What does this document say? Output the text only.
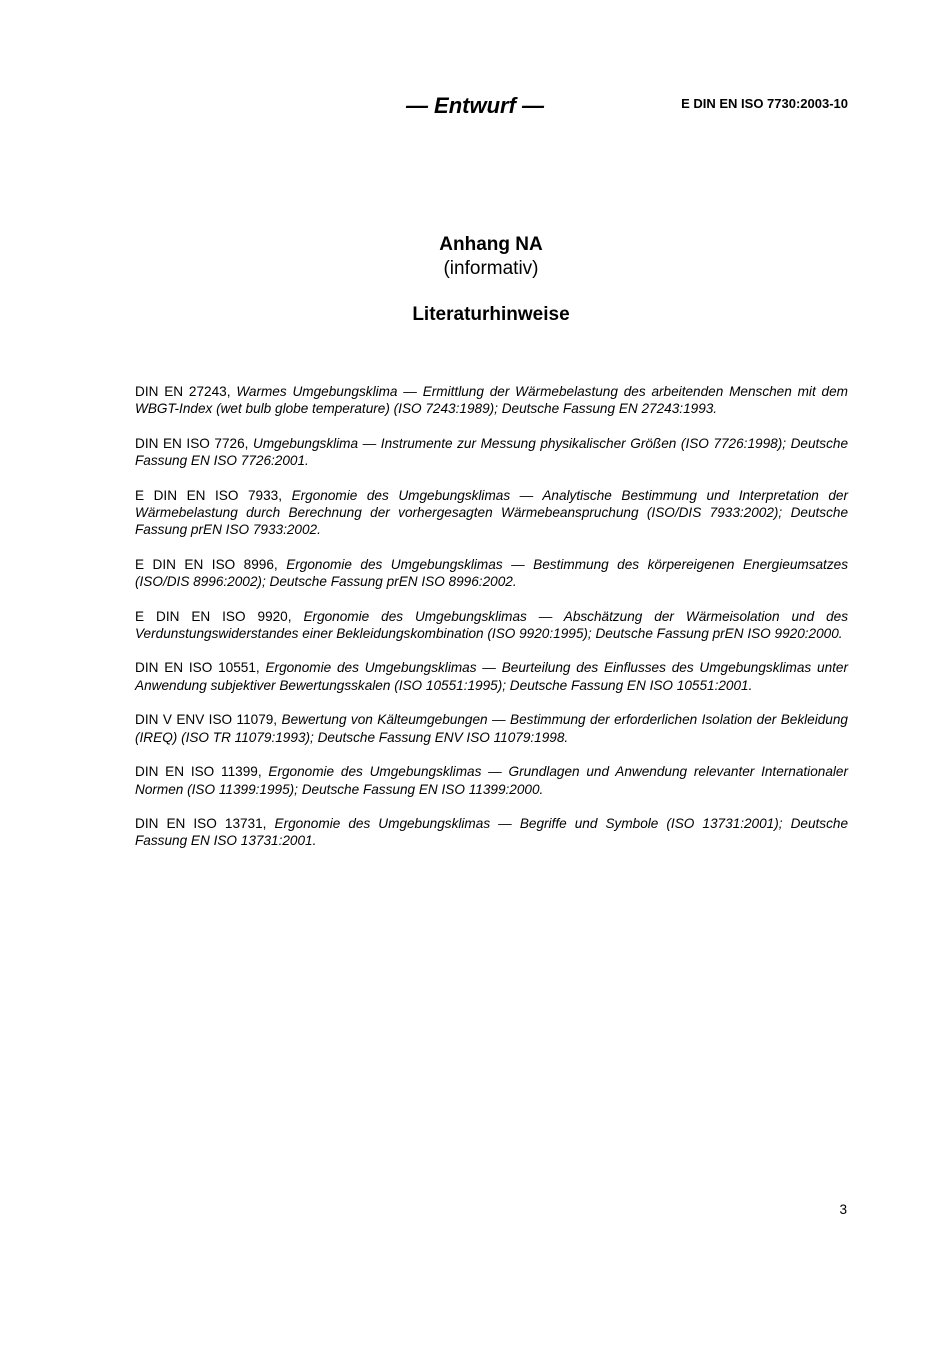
— Entwurf —	E DIN EN ISO 7730:2003-10
Anhang NA
(informativ)
Literaturhinweise

DIN EN 27243, Warmes Umgebungsklima — Ermittlung der Wärmebelastung des arbeitenden Menschen mit dem WBGT-Index (wet bulb globe temperature) (ISO 7243:1989); Deutsche Fassung EN 27243:1993.

DIN EN ISO 7726, Umgebungsklima — Instrumente zur Messung physikalischer Größen (ISO 7726:1998); Deutsche Fassung EN ISO 7726:2001.

E DIN EN ISO 7933, Ergonomie des Umgebungsklimas — Analytische Bestimmung und Interpretation der Wärmebelastung durch Berechnung der vorhergesagten Wärmebeanspruchung (ISO/DIS 7933:2002); Deutsche Fassung prEN ISO 7933:2002.

E DIN EN ISO 8996, Ergonomie des Umgebungsklimas — Bestimmung des körpereigenen Energieumsatzes (ISO/DIS 8996:2002); Deutsche Fassung prEN ISO 8996:2002.

E DIN EN ISO 9920, Ergonomie des Umgebungsklimas — Abschätzung der Wärmeisolation und des Verdunstungswiderstandes einer Bekleidungskombination (ISO 9920:1995); Deutsche Fassung prEN ISO 9920:2000.

DIN EN ISO 10551, Ergonomie des Umgebungsklimas — Beurteilung des Einflusses des Umgebungsklimas unter Anwendung subjektiver Bewertungsskalen (ISO 10551:1995); Deutsche Fassung EN ISO 10551:2001.

DIN V ENV ISO 11079, Bewertung von Kälteumgebungen — Bestimmung der erforderlichen Isolation der Bekleidung (IREQ) (ISO TR 11079:1993); Deutsche Fassung ENV ISO 11079:1998.

DIN EN ISO 11399, Ergonomie des Umgebungsklimas — Grundlagen und Anwendung relevanter Internationaler Normen (ISO 11399:1995); Deutsche Fassung EN ISO 11399:2000.

DIN EN ISO 13731, Ergonomie des Umgebungsklimas — Begriffe und Symbole (ISO 13731:2001); Deutsche Fassung EN ISO 13731:2001.

3
